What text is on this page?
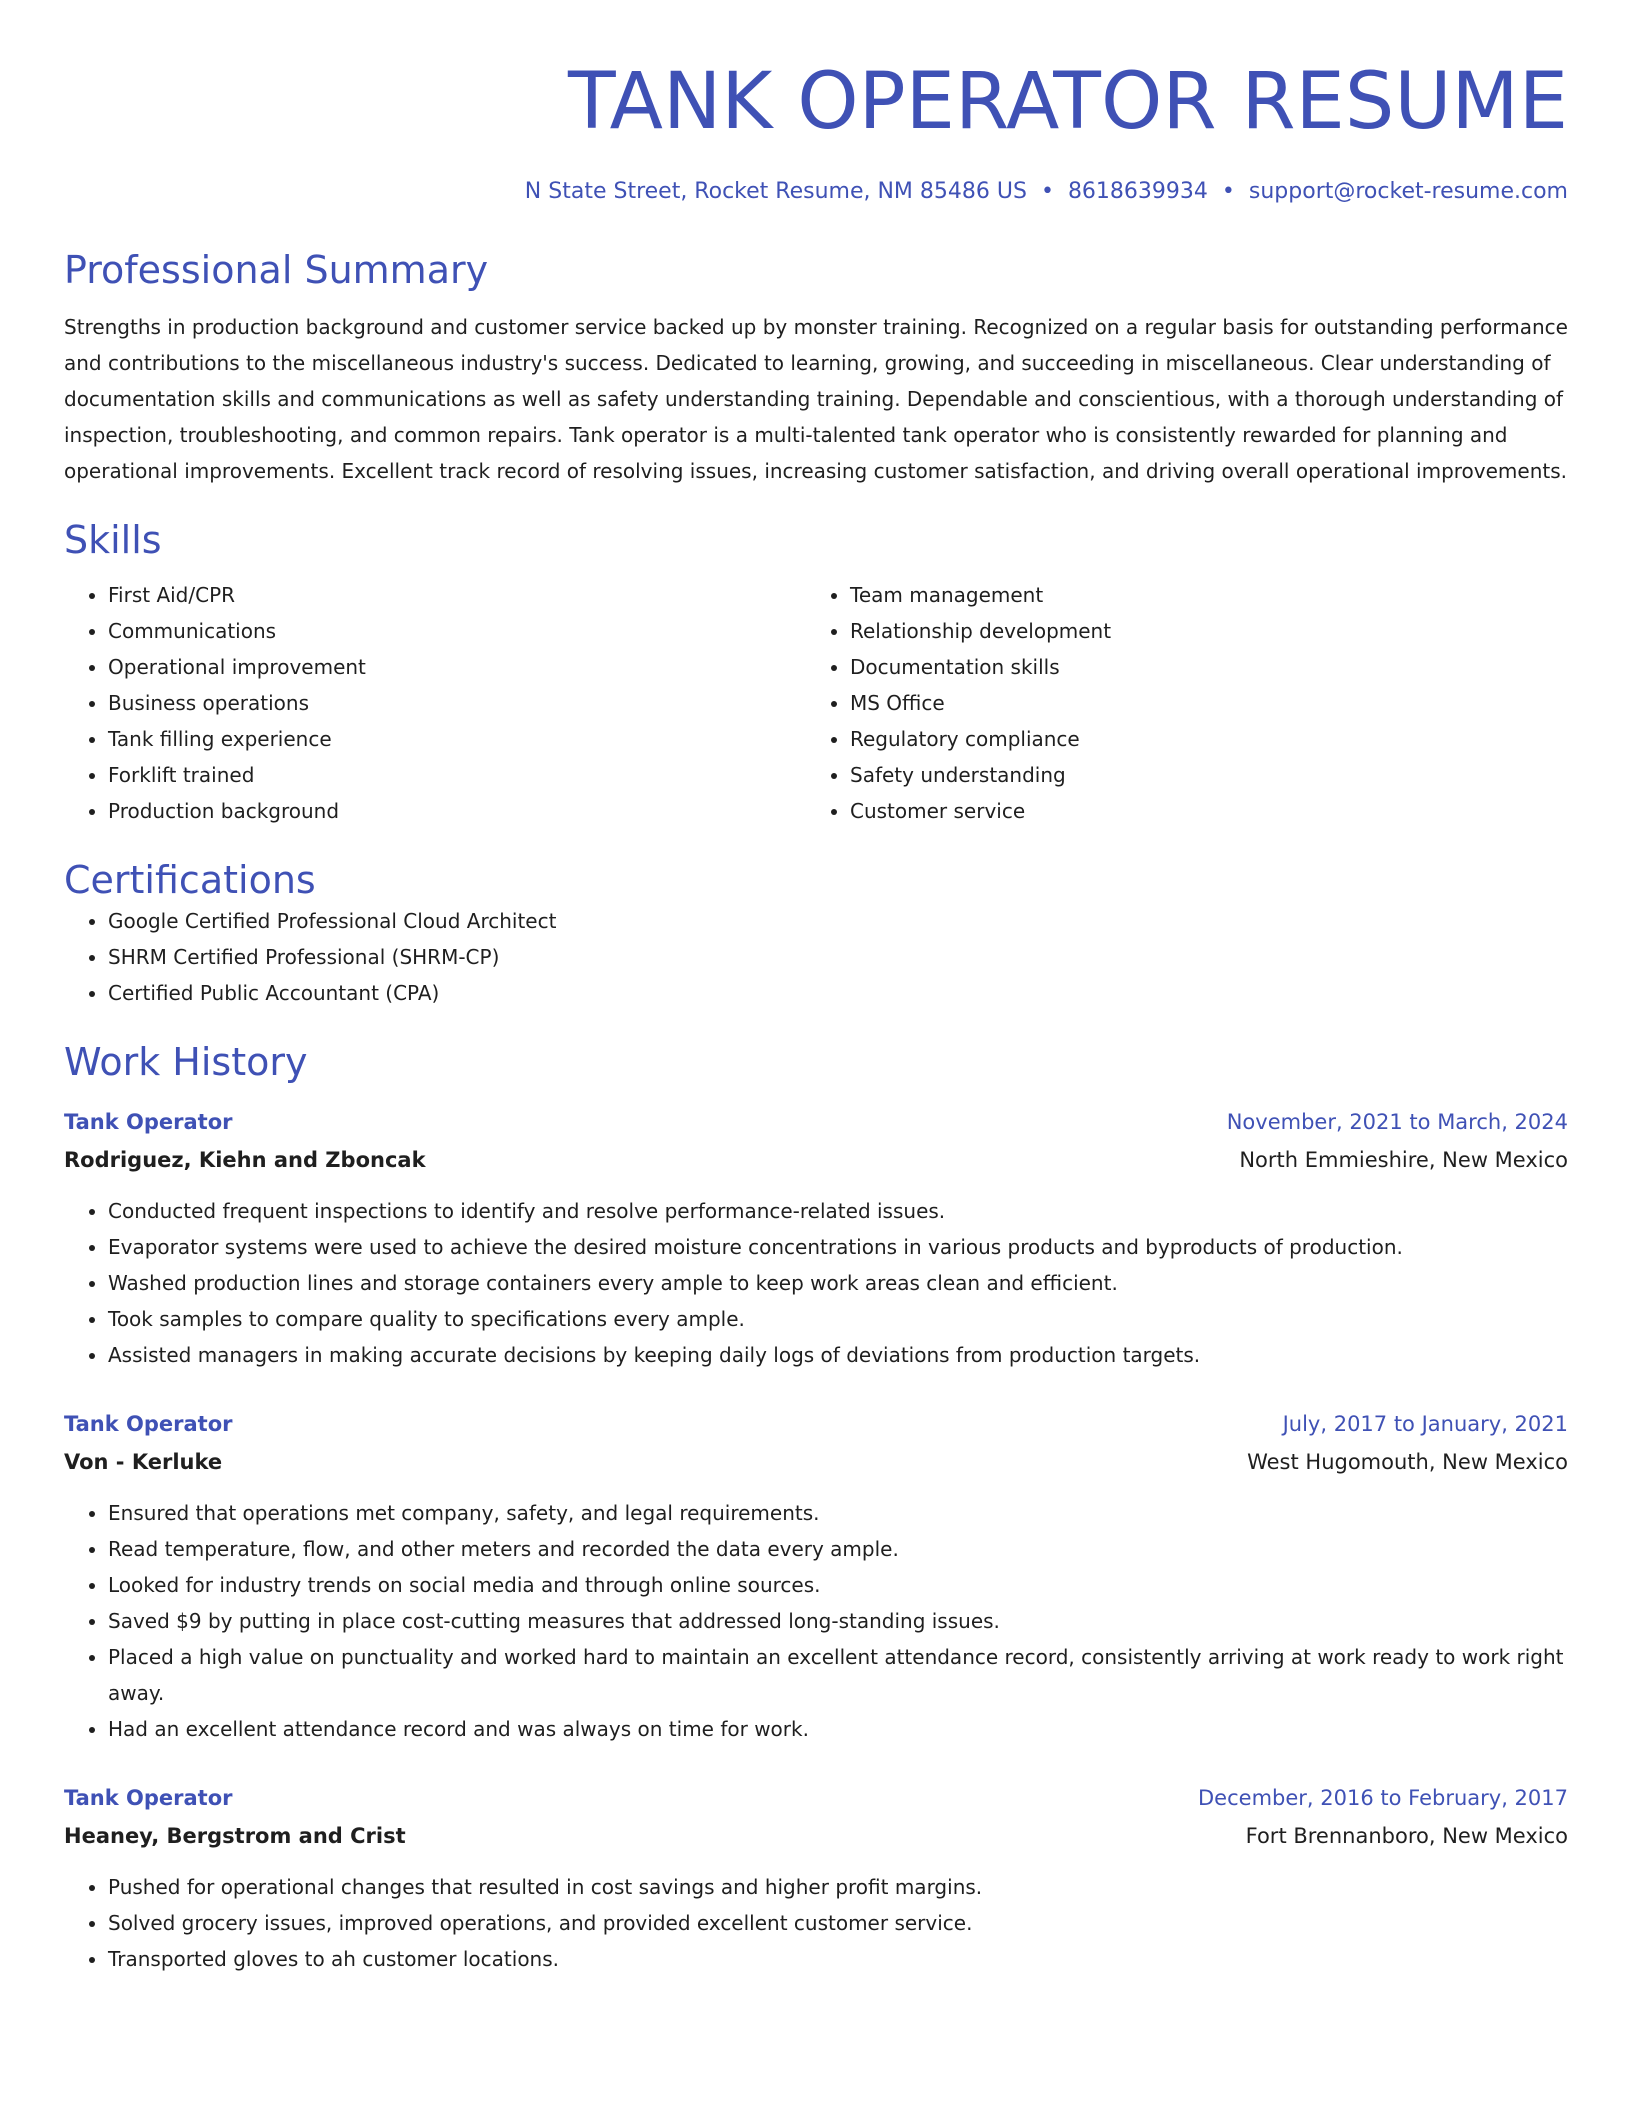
TANK OPERATOR RESUME
N State Street, Rocket Resume, NM 85486 US • 8618639934 • support@rocket-resume.com
Professional Summary

Strengths in production background and customer service backed up by monster training. Recognized on a regular basis for outstanding performance and contributions to the miscellaneous industry's success. Dedicated to learning, growing, and succeeding in miscellaneous. Clear understanding of documentation skills and communications as well as safety understanding training. Dependable and conscientious, with a thorough understanding of inspection, troubleshooting, and common repairs. Tank operator is a multi-talented tank operator who is consistently rewarded for planning and operational improvements. Excellent track record of resolving issues, increasing customer satisfaction, and driving overall operational improvements.

Skills
• First Aid/CPR
• Communications
• Operational improvement
• Business operations
• Tank filling experience
• Forklift trained
• Production background
• Team management
• Relationship development
• Documentation skills
• MS Office
• Regulatory compliance
• Safety understanding
• Customer service
Certifications
• Google Certified Professional Cloud Architect
• SHRM Certified Professional (SHRM-CP)
• Certified Public Accountant (CPA)
Work History
Tank Operator	November, 2021 to March, 2024
Rodriguez, Kiehn and Zboncak	North Emmieshire, New Mexico
• Conducted frequent inspections to identify and resolve performance-related issues.
• Evaporator systems were used to achieve the desired moisture concentrations in various products and byproducts of production.
• Washed production lines and storage containers every ample to keep work areas clean and efficient.
• Took samples to compare quality to specifications every ample.
• Assisted managers in making accurate decisions by keeping daily logs of deviations from production targets.
Tank Operator	July, 2017 to January, 2021
Von - Kerluke	West Hugomouth, New Mexico
• Ensured that operations met company, safety, and legal requirements.
• Read temperature, flow, and other meters and recorded the data every ample.
• Looked for industry trends on social media and through online sources.
• Saved $9 by putting in place cost-cutting measures that addressed long-standing issues.
• Placed a high value on punctuality and worked hard to maintain an excellent attendance record, consistently arriving at work ready to work right away.
• Had an excellent attendance record and was always on time for work.
Tank Operator	December, 2016 to February, 2017
Heaney, Bergstrom and Crist	Fort Brennanboro, New Mexico
• Pushed for operational changes that resulted in cost savings and higher profit margins.
• Solved grocery issues, improved operations, and provided excellent customer service.
• Transported gloves to ah customer locations.
